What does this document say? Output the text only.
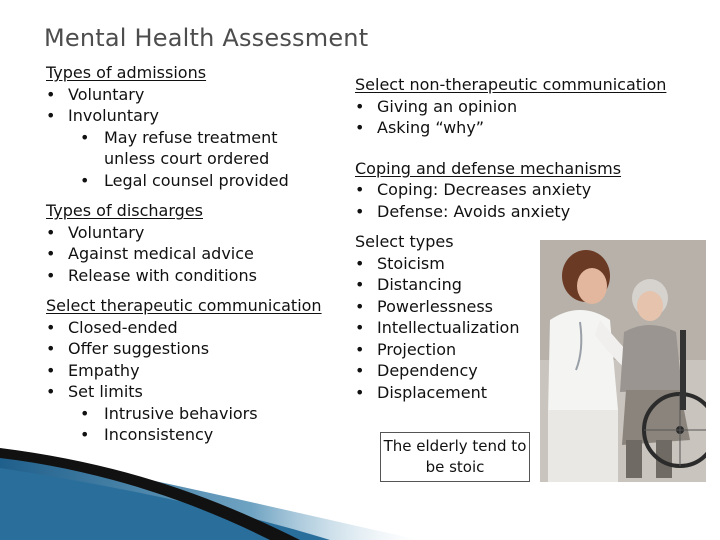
Mental Health Assessment
Types of admissions
• Voluntary
• Involuntary
• May refuse treatment unless court ordered
• Legal counsel provided
Types of discharges
• Voluntary
• Against medical advice
• Release with conditions
Select therapeutic communication
• Closed-ended
• Offer suggestions
• Empathy
• Set limits
• Intrusive behaviors
• Inconsistency
Select non-therapeutic communication
• Giving an opinion
• Asking “why”
Coping and defense mechanisms
• Coping: Decreases anxiety
• Defense: Avoids anxiety
Select types
• Stoicism
• Distancing
• Powerlessness
• Intellectualization
• Projection
• Dependency
• Displacement
The elderly tend to be stoic
